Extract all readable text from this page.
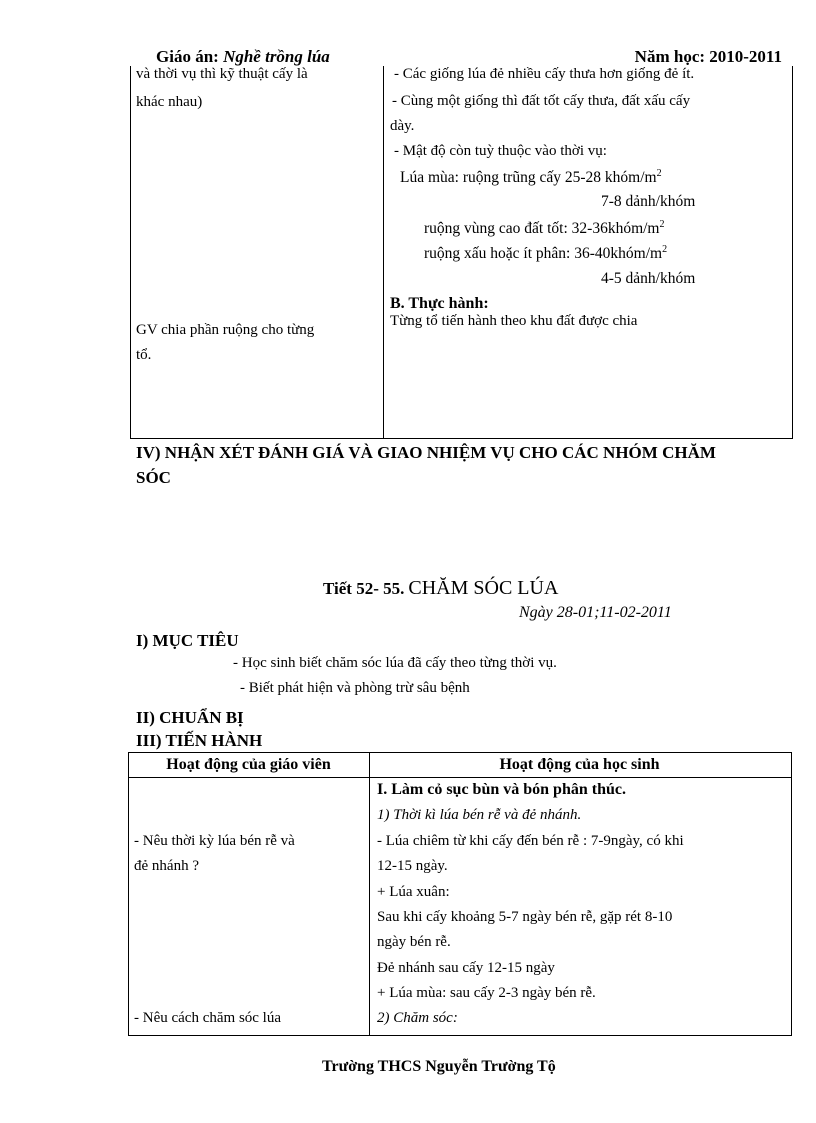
Giáo án: Nghề trồng lúa	Năm học: 2010-2011
và thời vụ thì kỹ thuật cấy là
khác nhau)
GV chia phần ruộng cho từng
tổ.
- Các giống lúa đẻ nhiều cấy thưa hơn giống đẻ ít.
- Cùng một giống thì đất tốt cấy thưa, đất xấu cấy
dày.
- Mật độ còn tuỳ thuộc vào thời vụ:
Lúa mùa: ruộng trũng cấy 25-28 khóm/$m^2$
7-8 dảnh/khóm
ruộng vùng cao đất tốt: $32-36khóm/m^2$
ruộng xấu hoặc ít phân: $36-40khóm/m^2$
4-5 dảnh/khóm
B. Thực hành:
Từng tổ tiến hành theo khu đất được chia
IV) NHẬN XÉT ĐÁNH GIÁ VÀ GIAO NHIỆM VỤ CHO CÁC NHÓM CHĂM
SÓC
Tiết 52- 55. CHĂM SÓC LÚA
Ngày 28-01;11-02-2011
I) MỤC TIÊU
- Học sinh biết chăm sóc lúa đã cấy theo từng thời vụ.
- Biết phát hiện và phòng trừ sâu bệnh
II) CHUẨN BỊ
III) TIẾN HÀNH
Hoạt động của giáo viên	Hoạt động của học sinh
- Nêu thời kỳ lúa bén rễ và
đẻ nhánh ?
- Nêu cách chăm sóc lúa
I. Làm cỏ sục bùn và bón phân thúc.
1) Thời kì lúa bén rễ và đẻ nhánh.
- Lúa chiêm từ khi cấy đến bén rễ : 7-9ngày, có khi
12-15 ngày.
+ Lúa xuân:
Sau khi cấy khoảng 5-7 ngày bén rễ, gặp rét 8-10
ngày bén rễ.
Đẻ nhánh sau cấy 12-15 ngày
+ Lúa mùa: sau cấy 2-3 ngày bén rễ.
2) Chăm sóc:
Trường THCS Nguyễn Trường Tộ
